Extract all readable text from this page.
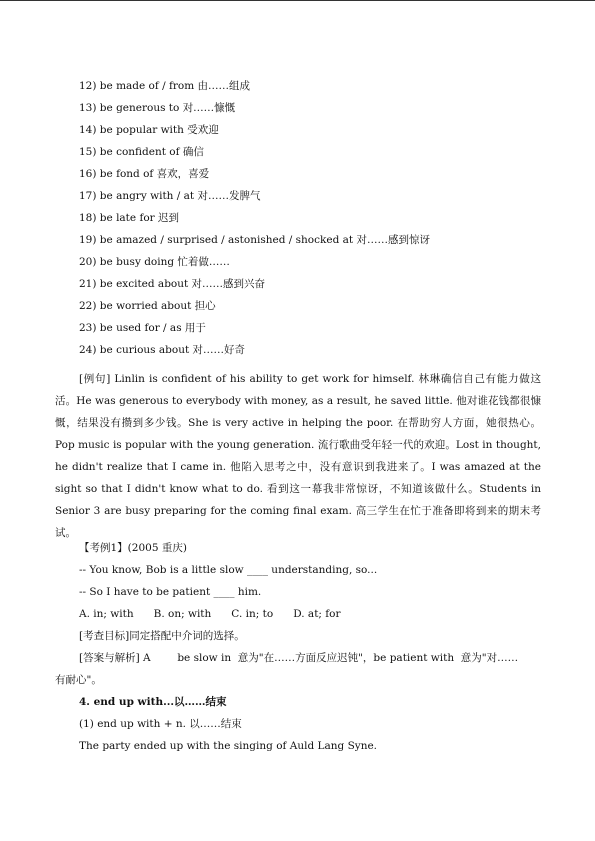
12) be made of / from 由……组成
13) be generous to 对……慷慨
14) be popular with 受欢迎
15) be confident of 确信
16) be fond of 喜欢，喜爱
17) be angry with / at 对……发脾气
18) be late for 迟到
19) be amazed / surprised / astonished / shocked at 对……感到惊讶
20) be busy doing 忙着做……
21) be excited about 对……感到兴奋
22) be worried about 担心
23) be used for / as 用于
24) be curious about 对……好奇

[例句] Linlin is confident of his ability to get work for himself. 林琳确信自己有能力做这活。He was generous to everybody with money, as a result, he saved little. 他对谁花钱都很慷慨，结果没有攒到多少钱。She is very active in helping the poor. 在帮助穷人方面，她很热心。Pop music is popular with the young generation. 流行歌曲受年轻一代的欢迎。Lost in thought, he didn't realize that I came in. 他陷入思考之中，没有意识到我进来了。I was amazed at the sight so that I didn't know what to do. 看到这一幕我非常惊讶，不知道该做什么。Students in Senior 3 are busy preparing for the coming final exam. 高三学生在忙于准备即将到来的期末考试。

【考例1】(2005 重庆)
-- You know, Bob is a little slow ____ understanding, so...
-- So I have to be patient ____ him.
A. in; with      B. on; with      C. in; to      D. at; for
[考查目标]同定搭配中介词的选择。
[答案与解析] A        be slow in  意为"在……方面反应迟钝"，be patient with  意为"对……
有耐心"。
4. end up with...以……结束
(1) end up with + n. 以……结束
The party ended up with the singing of Auld Lang Syne.
